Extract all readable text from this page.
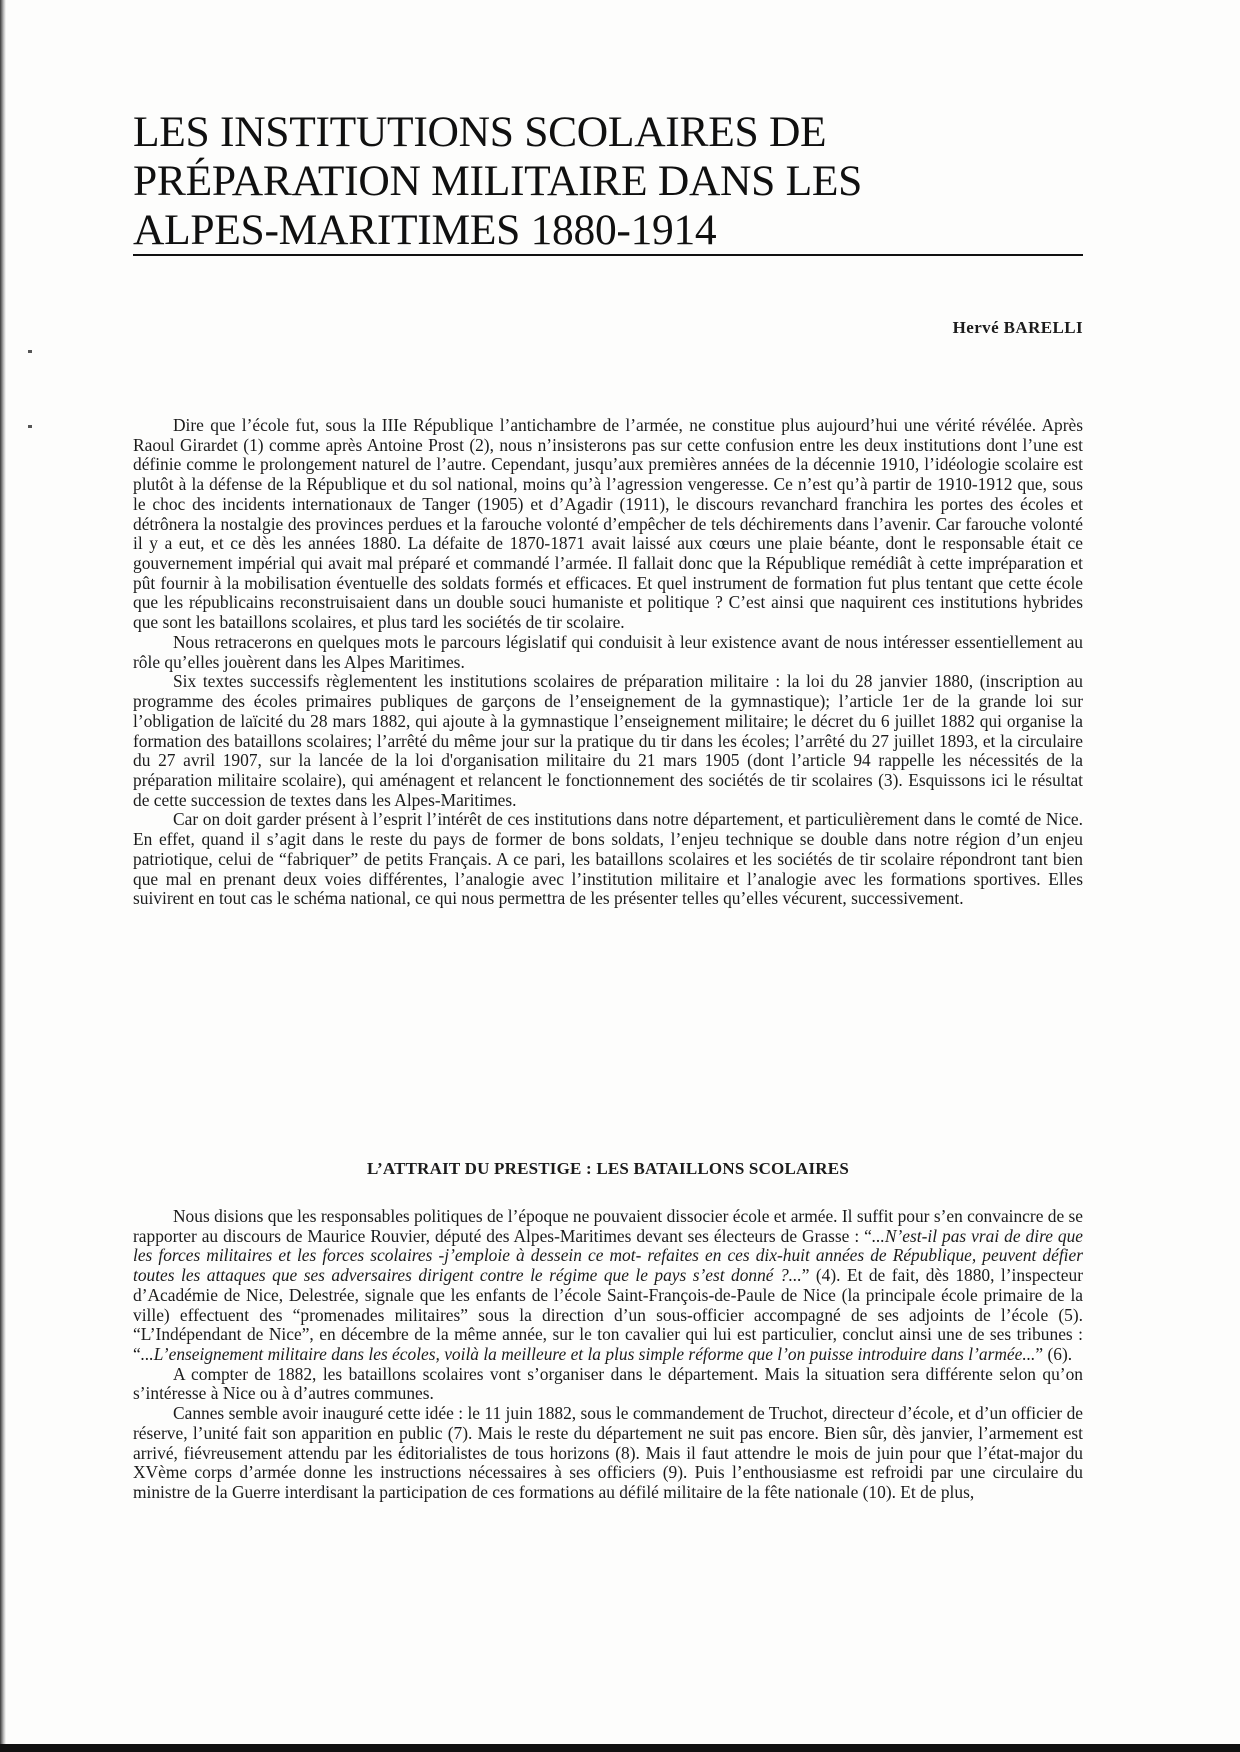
LES INSTITUTIONS SCOLAIRES DE
PRÉPARATION MILITAIRE DANS LES
ALPES-MARITIMES 1880-1914

Hervé BARELLI

Dire que l’école fut, sous la IIIe République l’antichambre de l’armée, ne constitue plus aujourd’hui une vérité révélée. Après Raoul Girardet (1) comme après Antoine Prost (2), nous n’insisterons pas sur cette confusion entre les deux institutions dont l’une est définie comme le prolongement naturel de l’autre. Cependant, jusqu’aux premières années de la décennie 1910, l’idéologie scolaire est plutôt à la défense de la République et du sol national, moins qu’à l’agression vengeresse. Ce n’est qu’à partir de 1910-1912 que, sous le choc des incidents internationaux de Tanger (1905) et d’Agadir (1911), le discours revanchard franchira les portes des écoles et détrônera la nostalgie des provinces perdues et la farouche volonté d’empêcher de tels déchirements dans l’avenir. Car farouche volonté il y a eut, et ce dès les années 1880. La défaite de 1870-1871 avait laissé aux cœurs une plaie béante, dont le responsable était ce gouvernement impérial qui avait mal préparé et commandé l’armée. Il fallait donc que la République remédiât à cette impréparation et pût fournir à la mobilisation éventuelle des soldats formés et efficaces. Et quel instrument de formation fut plus tentant que cette école que les républicains reconstruisaient dans un double souci humaniste et politique ? C’est ainsi que naquirent ces institutions hybrides que sont les bataillons scolaires, et plus tard les sociétés de tir scolaire.

Nous retracerons en quelques mots le parcours législatif qui conduisit à leur existence avant de nous intéresser essentiellement au rôle qu’elles jouèrent dans les Alpes Maritimes.

Six textes successifs règlementent les institutions scolaires de préparation militaire : la loi du 28 janvier 1880, (inscription au programme des écoles primaires publiques de garçons de l’enseignement de la gymnastique); l’article 1er de la grande loi sur l’obligation de laïcité du 28 mars 1882, qui ajoute à la gymnastique l’enseignement militaire; le décret du 6 juillet 1882 qui organise la formation des bataillons scolaires; l’arrêté du même jour sur la pratique du tir dans les écoles; l’arrêté du 27 juillet 1893, et la circulaire du 27 avril 1907, sur la lancée de la loi d'organisation militaire du 21 mars 1905 (dont l’article 94 rappelle les nécessités de la préparation militaire scolaire), qui aménagent et relancent le fonctionnement des sociétés de tir scolaires (3). Esquissons ici le résultat de cette succession de textes dans les Alpes-Maritimes.

Car on doit garder présent à l’esprit l’intérêt de ces institutions dans notre département, et particulièrement dans le comté de Nice. En effet, quand il s’agit dans le reste du pays de former de bons soldats, l’enjeu technique se double dans notre région d’un enjeu patriotique, celui de “fabriquer” de petits Français. A ce pari, les bataillons scolaires et les sociétés de tir scolaire répondront tant bien que mal en prenant deux voies différentes, l’analogie avec l’institution militaire et l’analogie avec les formations sportives. Elles suivirent en tout cas le schéma national, ce qui nous permettra de les présenter telles qu’elles vécurent, successivement.

L’ATTRAIT DU PRESTIGE : LES BATAILLONS SCOLAIRES

Nous disions que les responsables politiques de l’époque ne pouvaient dissocier école et armée. Il suffit pour s’en convaincre de se rapporter au discours de Maurice Rouvier, député des Alpes-Maritimes devant ses électeurs de Grasse : “...N’est-il pas vrai de dire que les forces militaires et les forces scolaires -j’emploie à dessein ce mot- refaites en ces dix-huit années de République, peuvent défier toutes les attaques que ses adversaires dirigent contre le régime que le pays s’est donné ?...” (4). Et de fait, dès 1880, l’inspecteur d’Académie de Nice, Delestrée, signale que les enfants de l’école Saint-François-de-Paule de Nice (la principale école primaire de la ville) effectuent des “promenades militaires” sous la direction d’un sous-officier accompagné de ses adjoints de l’école (5). “L’Indépendant de Nice”, en décembre de la même année, sur le ton cavalier qui lui est particulier, conclut ainsi une de ses tribunes : “...L’enseignement militaire dans les écoles, voilà la meilleure et la plus simple réforme que l’on puisse introduire dans l’armée...” (6).

A compter de 1882, les bataillons scolaires vont s’organiser dans le département. Mais la situation sera différente selon qu’on s’intéresse à Nice ou à d’autres communes.

Cannes semble avoir inauguré cette idée : le 11 juin 1882, sous le commandement de Truchot, directeur d’école, et d’un officier de réserve, l’unité fait son apparition en public (7). Mais le reste du département ne suit pas encore. Bien sûr, dès janvier, l’armement est arrivé, fiévreusement attendu par les éditorialistes de tous horizons (8). Mais il faut attendre le mois de juin pour que l’état-major du XVème corps d’armée donne les instructions nécessaires à ses officiers (9). Puis l’enthousiasme est refroidi par une circulaire du ministre de la Guerre interdisant la participation de ces formations au défilé militaire de la fête nationale (10). Et de plus,
